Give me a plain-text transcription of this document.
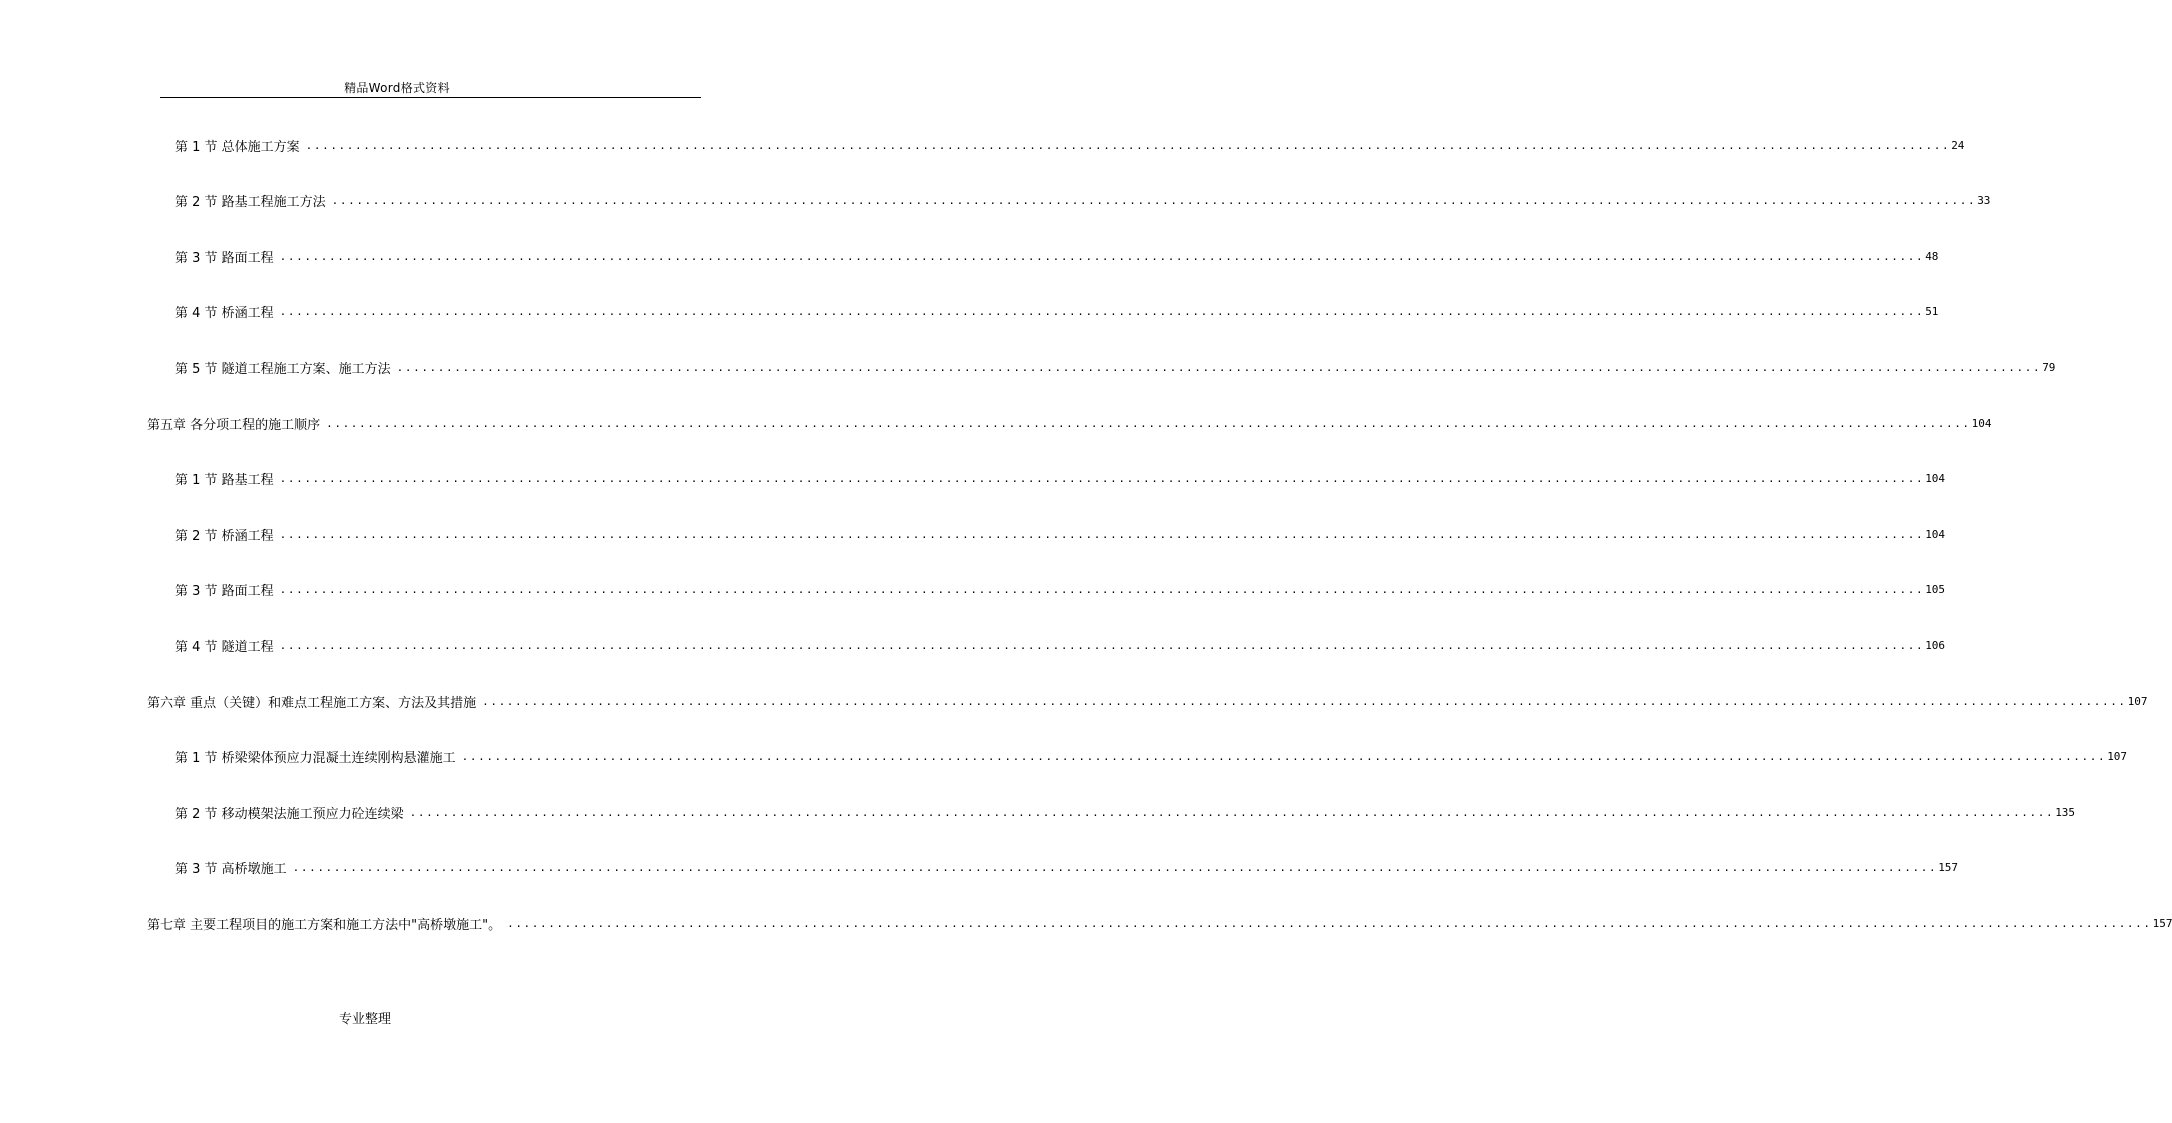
精品Word格式资料
第 1 节 总体施工方案 ........................................................................................................................................................................................................ 24
第 2 节 路基工程施工方法 ........................................................................................................................................................................................................ 33
第 3 节 路面工程 ........................................................................................................................................................................................................ 48
第 4 节 桥涵工程 ........................................................................................................................................................................................................ 51
第 5 节 隧道工程施工方案、施工方法 ........................................................................................................................................................................................................ 79
第五章 各分项工程的施工顺序 ........................................................................................................................................................................................................ 104
第 1 节 路基工程 ........................................................................................................................................................................................................ 104
第 2 节 桥涵工程 ........................................................................................................................................................................................................ 104
第 3 节 路面工程 ........................................................................................................................................................................................................ 105
第 4 节 隧道工程 ........................................................................................................................................................................................................ 106
第六章 重点（关键）和难点工程施工方案、方法及其措施 ........................................................................................................................................................................................................ 107
第 1 节 桥梁梁体预应力混凝土连续刚构悬灌施工 ........................................................................................................................................................................................................ 107
第 2 节 移动模架法施工预应力砼连续梁 ........................................................................................................................................................................................................ 135
第 3 节 高桥墩施工 ........................................................................................................................................................................................................ 157
第七章 主要工程项目的施工方案和施工方法中"高桥墩施工"。 ........................................................................................................................................................................................................ 157
专业整理
